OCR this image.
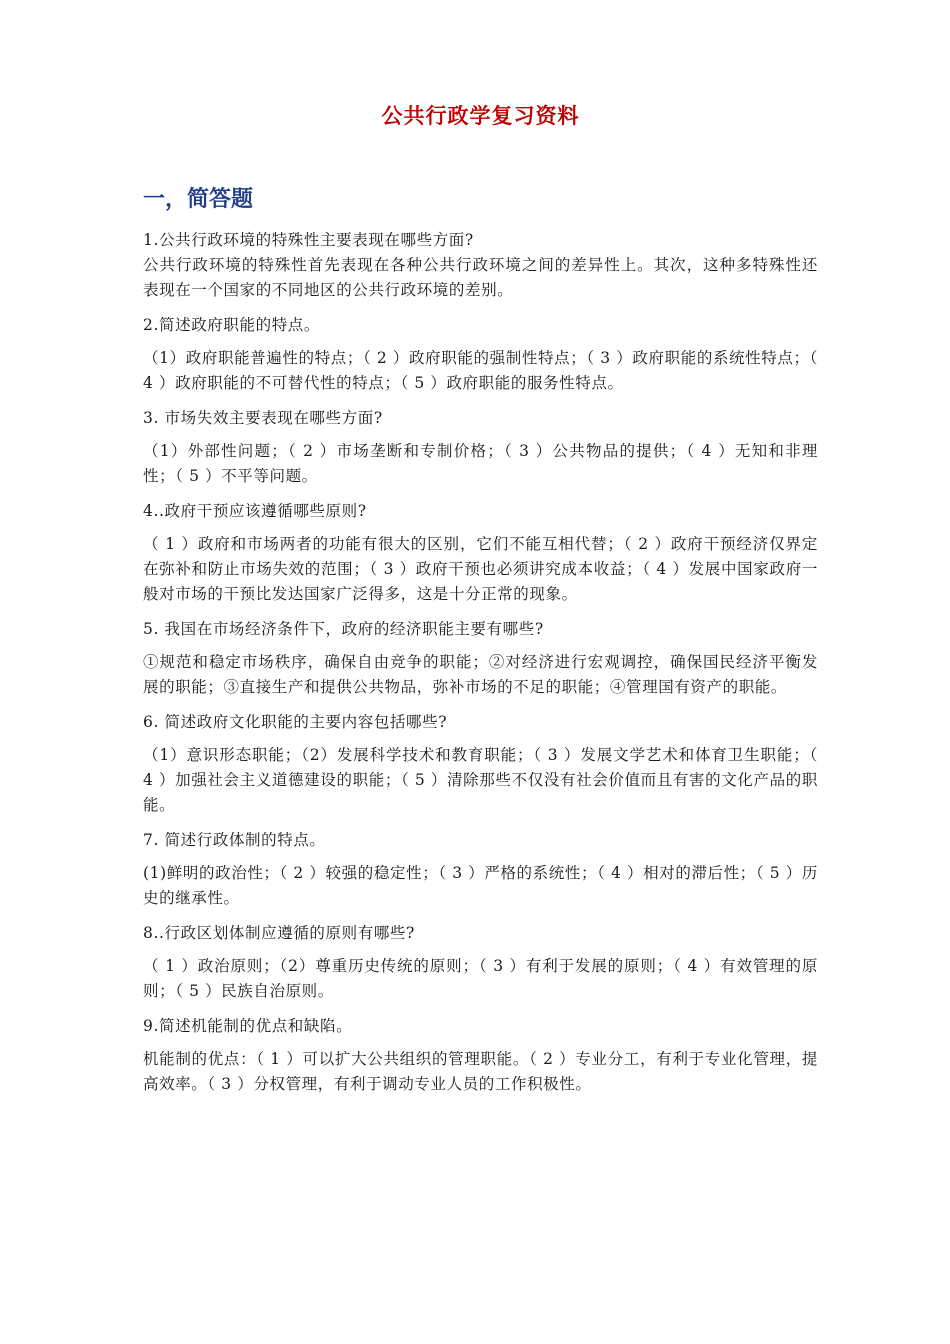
公共行政学复习资料
一，简答题

1.公共行政环境的特殊性主要表现在哪些方面?

公共行政环境的特殊性首先表现在各种公共行政环境之间的差异性上。其次，这种多特殊性还表现在一个国家的不同地区的公共行政环境的差别。

2.简述政府职能的特点。

（1）政府职能普遍性的特点；（ 2 ）政府职能的强制性特点；（ 3 ）政府职能的系统性特点；（ 4 ）政府职能的不可替代性的特点；（ 5 ）政府职能的服务性特点。

3. 市场失效主要表现在哪些方面?

（1）外部性问题；（ 2 ）市场垄断和专制价格；（ 3 ）公共物品的提供；（ 4 ）无知和非理性；（ 5 ）不平等问题。

4..政府干预应该遵循哪些原则?

（ 1 ）政府和市场两者的功能有很大的区别，它们不能互相代替；（ 2 ）政府干预经济仅界定在弥补和防止市场失效的范围；（ 3 ）政府干预也必须讲究成本收益；（ 4 ）发展中国家政府一般对市场的干预比发达国家广泛得多，这是十分正常的现象。

5. 我国在市场经济条件下，政府的经济职能主要有哪些?

①规范和稳定市场秩序，确保自由竞争的职能；②对经济进行宏观调控，确保国民经济平衡发展的职能；③直接生产和提供公共物品，弥补市场的不足的职能；④管理国有资产的职能。

6. 简述政府文化职能的主要内容包括哪些?

（1）意识形态职能；（2）发展科学技术和教育职能；（ 3 ）发展文学艺术和体育卫生职能；（ 4 ）加强社会主义道德建设的职能；（ 5 ）清除那些不仅没有社会价值而且有害的文化产品的职能。

7. 简述行政体制的特点。

(1)鲜明的政治性；（ 2 ）较强的稳定性；（ 3 ）严格的系统性；（ 4 ）相对的滞后性；（ 5 ）历史的继承性。

8..行政区划体制应遵循的原则有哪些?

（ 1 ）政治原则；（2）尊重历史传统的原则；（ 3 ）有利于发展的原则；（ 4 ）有效管理的原则；（ 5 ）民族自治原则。

9.简述机能制的优点和缺陷。

机能制的优点：（ 1 ）可以扩大公共组织的管理职能。（ 2 ）专业分工，有利于专业化管理，提高效率。（ 3 ）分权管理，有利于调动专业人员的工作积极性。
